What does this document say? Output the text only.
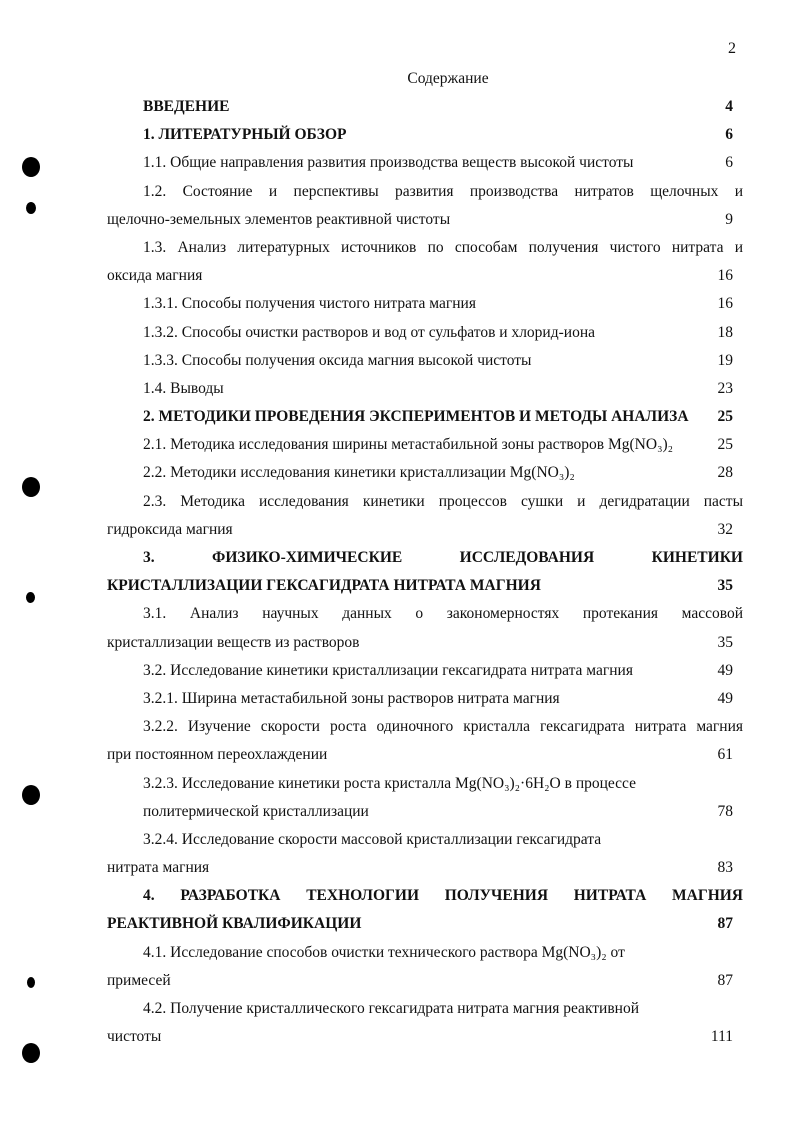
2
Содержание
ВВЕДЕНИЕ	4
1. ЛИТЕРАТУРНЫЙ ОБЗОР	6
1.1. Общие направления развития производства веществ высокой чистоты	6
1.2. Состояние и перспективы развития производства нитратов щелочных и
щелочно-земельных элементов реактивной чистоты	9
1.3. Анализ литературных источников по способам получения чистого нитрата и
оксида магния	16
1.3.1. Способы получения чистого нитрата магния	16
1.3.2. Способы очистки растворов и вод от сульфатов и хлорид-иона	18
1.3.3. Способы получения оксида магния высокой чистоты	19
1.4. Выводы	23
2. МЕТОДИКИ ПРОВЕДЕНИЯ ЭКСПЕРИМЕНТОВ И МЕТОДЫ АНАЛИЗА	25
2.1. Методика исследования ширины метастабильной зоны растворов Mg(NO₃)₂	25
2.2. Методики исследования кинетики кристаллизации Mg(NO₃)₂	28
2.3. Методика исследования кинетики процессов сушки и дегидратации пасты
гидроксида магния	32
3. ФИЗИКО-ХИМИЧЕСКИЕ ИССЛЕДОВАНИЯ КИНЕТИКИ
КРИСТАЛЛИЗАЦИИ ГЕКСАГИДРАТА НИТРАТА МАГНИЯ	35
3.1. Анализ научных данных о закономерностях протекания массовой
кристаллизации веществ из растворов	35
3.2. Исследование кинетики кристаллизации гексагидрата нитрата магния	49
3.2.1. Ширина метастабильной зоны растворов нитрата магния	49
3.2.2. Изучение скорости роста одиночного кристалла гексагидрата нитрата магния
при постоянном переохлаждении	61
3.2.3. Исследование кинетики роста кристалла Mg(NO₃)₂·6H₂O в процессе
политермической кристаллизации	78
3.2.4. Исследование скорости массовой кристаллизации гексагидрата
нитрата магния	83
4. РАЗРАБОТКА ТЕХНОЛОГИИ ПОЛУЧЕНИЯ НИТРАТА МАГНИЯ
РЕАКТИВНОЙ КВАЛИФИКАЦИИ	87
4.1. Исследование способов очистки технического раствора Mg(NO₃)₂ от
примесей	87
4.2. Получение кристаллического гексагидрата нитрата магния реактивной
чистоты	111
